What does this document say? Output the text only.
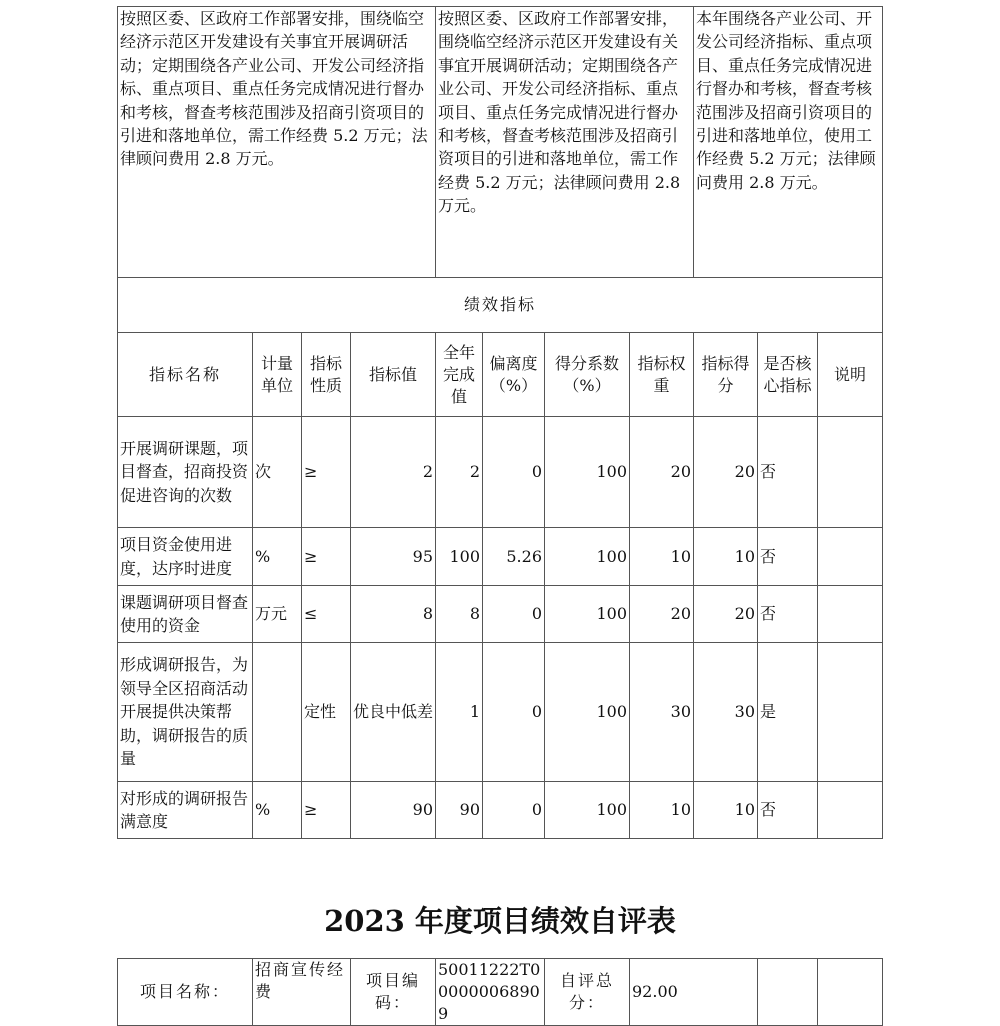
按照区委、区政府工作部署安排，围绕临空经济示范区开发建设有关事宜开展调研活动；定期围绕各产业公司、开发公司经济指标、重点项目、重点任务完成情况进行督办和考核，督查考核范围涉及招商引资项目的引进和落地单位，需工作经费 5.2 万元；法律顾问费用 2.8 万元。				按照区委、区政府工作部署安排，围绕临空经济示范区开发建设有关事宜开展调研活动；定期围绕各产业公司、开发公司经济指标、重点项目、重点任务完成情况进行督办和考核，督查考核范围涉及招商引资项目的引进和落地单位，需工作经费 5.2 万元；法律顾问费用 2.8 万元。				本年围绕各产业公司、开发公司经济指标、重点项目、重点任务完成情况进行督办和考核，督查考核范围涉及招商引资项目的引进和落地单位，使用工作经费 5.2 万元；法律顾问费用 2.8 万元。		
绩效指标										
指标名称	计量单位	指标性质	指标值	全年完成值	偏离度（%）	得分系数（%）	指标权重	指标得分	是否核心指标	说明
开展调研课题，项目督查，招商投资促进咨询的次数	次	≥	2	2	0	100	20	20	否	
项目资金使用进度，达序时进度	%	≥	95	100	5.26	100	10	10	否	
课题调研项目督查使用的资金	万元	≤	8	8	0	100	20	20	否	
形成调研报告，为领导全区招商活动开展提供决策帮助，调研报告的质量		定性	优良中低差	1	0	100	30	30	是	
对形成的调研报告满意度	%	≥	90	90	0	100	10	10	否	
2023 年度项目绩效自评表
项目名称：	招商宣传经费	项目编码：	50011222T000000068909	自评总分：	92.00		
